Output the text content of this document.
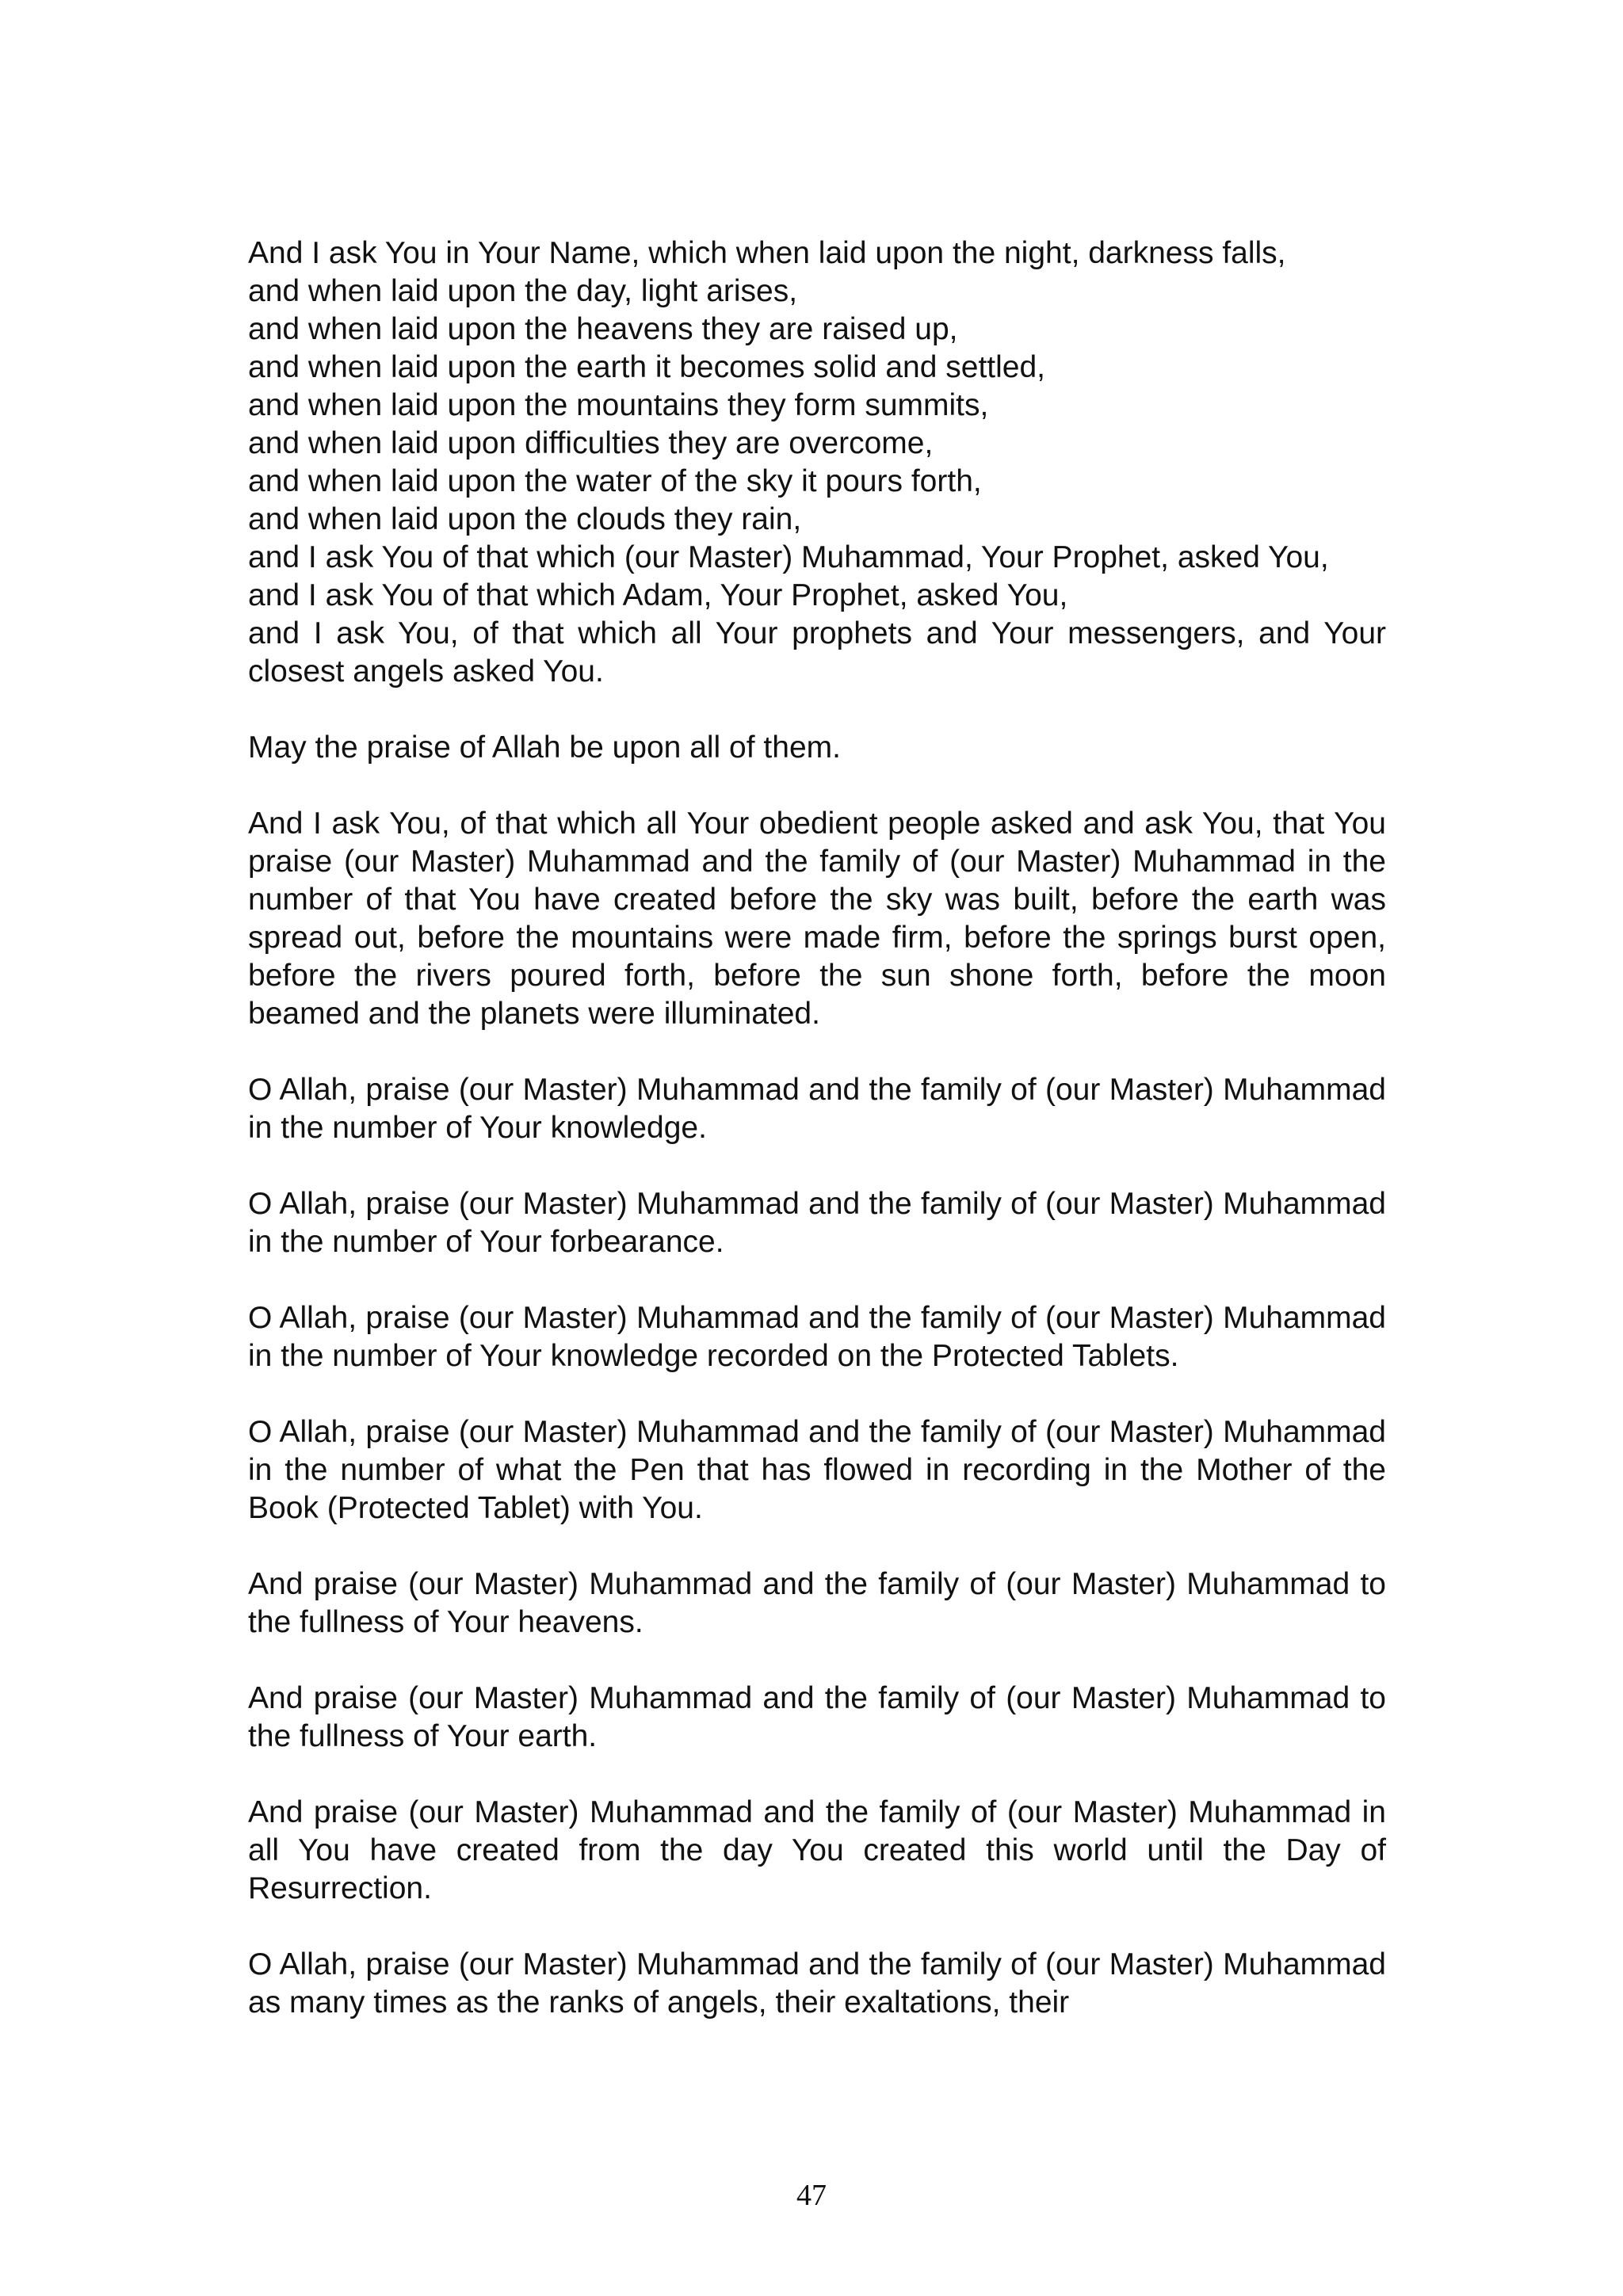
And I ask You in Your Name, which when laid upon the night, darkness falls,

and when laid upon the day, light arises,

and when laid upon the heavens they are raised up,

and when laid upon the earth it becomes solid and settled,

and when laid upon the mountains they form summits,

and when laid upon difficulties they are overcome,

and when laid upon the water of the sky it pours forth,

and when laid upon the clouds they rain,

and I ask You of that which (our Master) Muhammad, Your Prophet, asked You,

and I ask You of that which Adam, Your Prophet, asked You,

and I ask You, of that which all Your prophets and Your messengers, and Your closest angels asked You.

May the praise of Allah be upon all of them.

And I ask You, of that which all Your obedient people asked and ask You, that You praise (our Master) Muhammad and the family of (our Master) Muhammad in the number of that You have created before the sky was built, before the earth was spread out, before the mountains were made firm, before the springs burst open, before the rivers poured forth, before the sun shone forth, before the moon beamed and the planets were illuminated.

O Allah, praise (our Master) Muhammad and the family of (our Master) Muhammad in the number of Your knowledge.

O Allah, praise (our Master) Muhammad and the family of (our Master) Muhammad in the number of Your forbearance.

O Allah, praise (our Master) Muhammad and the family of (our Master) Muhammad in the number of Your knowledge recorded on the Protected Tablets.

O Allah, praise (our Master) Muhammad and the family of (our Master) Muhammad in the number of what the Pen that has flowed in recording in the Mother of the Book (Protected Tablet) with You.

And praise (our Master) Muhammad and the family of (our Master) Muhammad to the fullness of Your heavens.

And praise (our Master) Muhammad and the family of (our Master) Muhammad to the fullness of Your earth.

And praise (our Master) Muhammad and the family of (our Master) Muhammad in all You have created from the day You created this world until the Day of Resurrection.

O Allah, praise (our Master) Muhammad and the family of (our Master) Muhammad as many times as the ranks of angels, their exaltations, their

47
